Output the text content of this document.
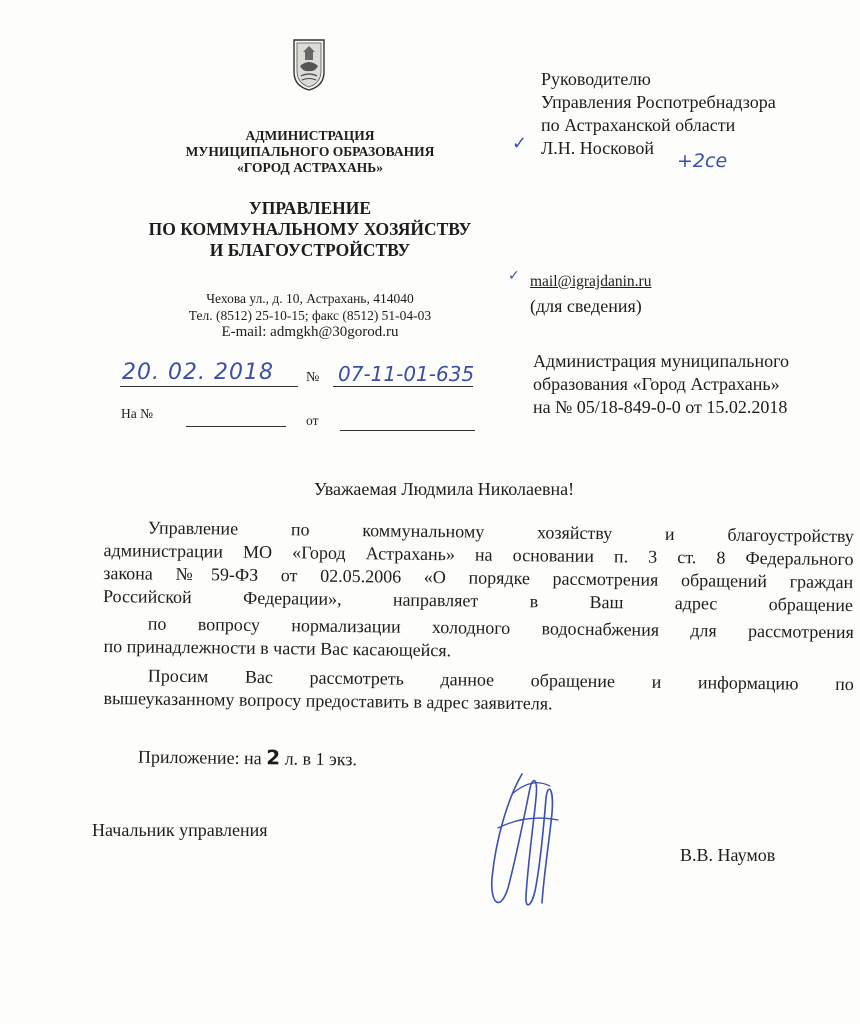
АДМИНИСТРАЦИЯ
МУНИЦИПАЛЬНОГО ОБРАЗОВАНИЯ
«ГОРОД АСТРАХАНЬ»
УПРАВЛЕНИЕ
ПО КОММУНАЛЬНОМУ ХОЗЯЙСТВУ
И БЛАГОУСТРОЙСТВУ
Чехова ул., д. 10, Астрахань, 414040
Тел. (8512) 25-10-15; факс (8512) 51-04-03
E-mail: admgkh@30gorod.ru
20. 02. 2018 № 07-11-01-635
На №	от
Руководителю
Управления Роспотребнадзора
по Астраханской области
Л.Н. Носковой
✓
+2ce
✓ mail@igrajdanin.ru
(для сведения)
Администрация муниципального
образования «Город Астрахань»
на № 05/18-849-0-0 от 15.02.2018
Уважаемая Людмила Николаевна!
Управление по коммунальному хозяйству и благоустройству
администрации МО «Город Астрахань» на основании п. 3 ст. 8 Федерального
закона №59-ФЗ от 02.05.2006 «О порядке рассмотрения обращений граждан
Российской Федерации», направляет в Ваш адрес обращение
по вопросу нормализации холодного водоснабжения для рассмотрения
по принадлежности в части Вас касающейся.
Просим Вас рассмотреть данное обращение и информацию по
вышеуказанному вопросу предоставить в адрес заявителя.
Приложение: на 2 л. в 1 экз.
Начальник управления
В.В. Наумов
